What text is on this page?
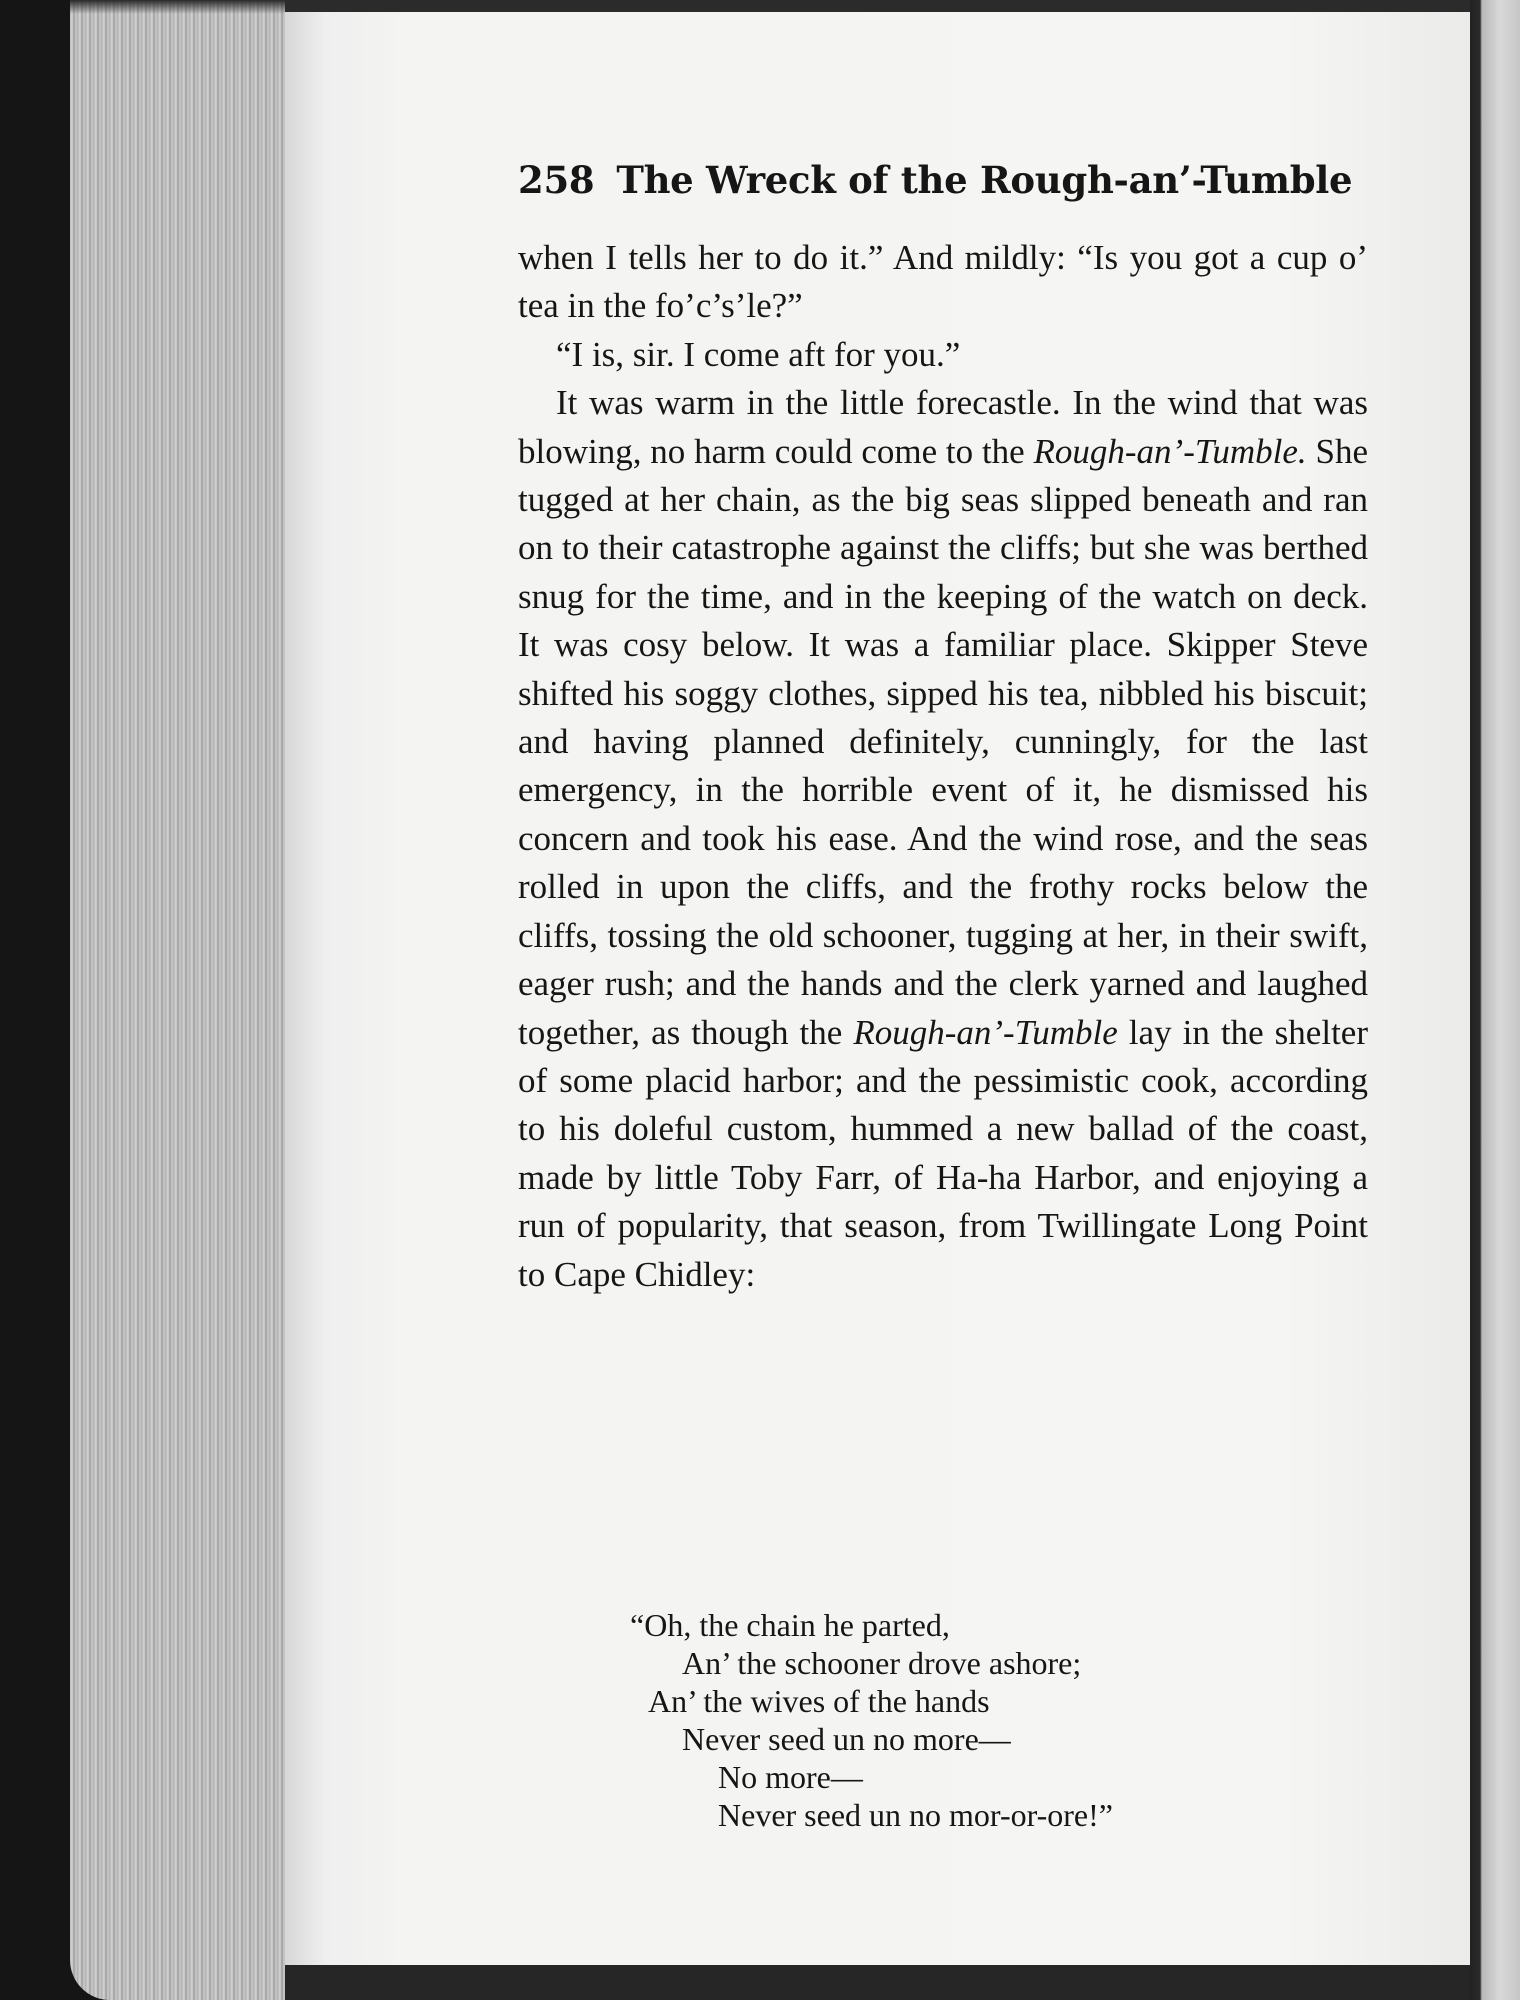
258 The Wreck of the Rough-an’-Tumble

when I tells her to do it.” And mildly: “Is you got a cup o’ tea in the fo’c’s’le?”

“I is, sir. I come aft for you.”

It was warm in the little forecastle. In the wind that was blowing, no harm could come to the Rough-an’-Tumble. She tugged at her chain, as the big seas slipped beneath and ran on to their catastrophe against the cliffs; but she was berthed snug for the time, and in the keeping of the watch on deck. It was cosy below. It was a familiar place. Skipper Steve shifted his soggy clothes, sipped his tea, nibbled his biscuit; and having planned definitely, cunningly, for the last emergency, in the horrible event of it, he dismissed his concern and took his ease. And the wind rose, and the seas rolled in upon the cliffs, and the frothy rocks below the cliffs, tossing the old schooner, tugging at her, in their swift, eager rush; and the hands and the clerk yarned and laughed together, as though the Rough-an’-Tumble lay in the shelter of some placid harbor; and the pessimistic cook, according to his doleful custom, hummed a new ballad of the coast, made by little Toby Farr, of Ha-ha Harbor, and enjoying a run of popularity, that season, from Twillingate Long Point to Cape Chidley:

“Oh, the chain he parted,
An’ the schooner drove ashore;
An’ the wives of the hands
Never seed un no more—
No more—
Never seed un no mor-or-ore!”
